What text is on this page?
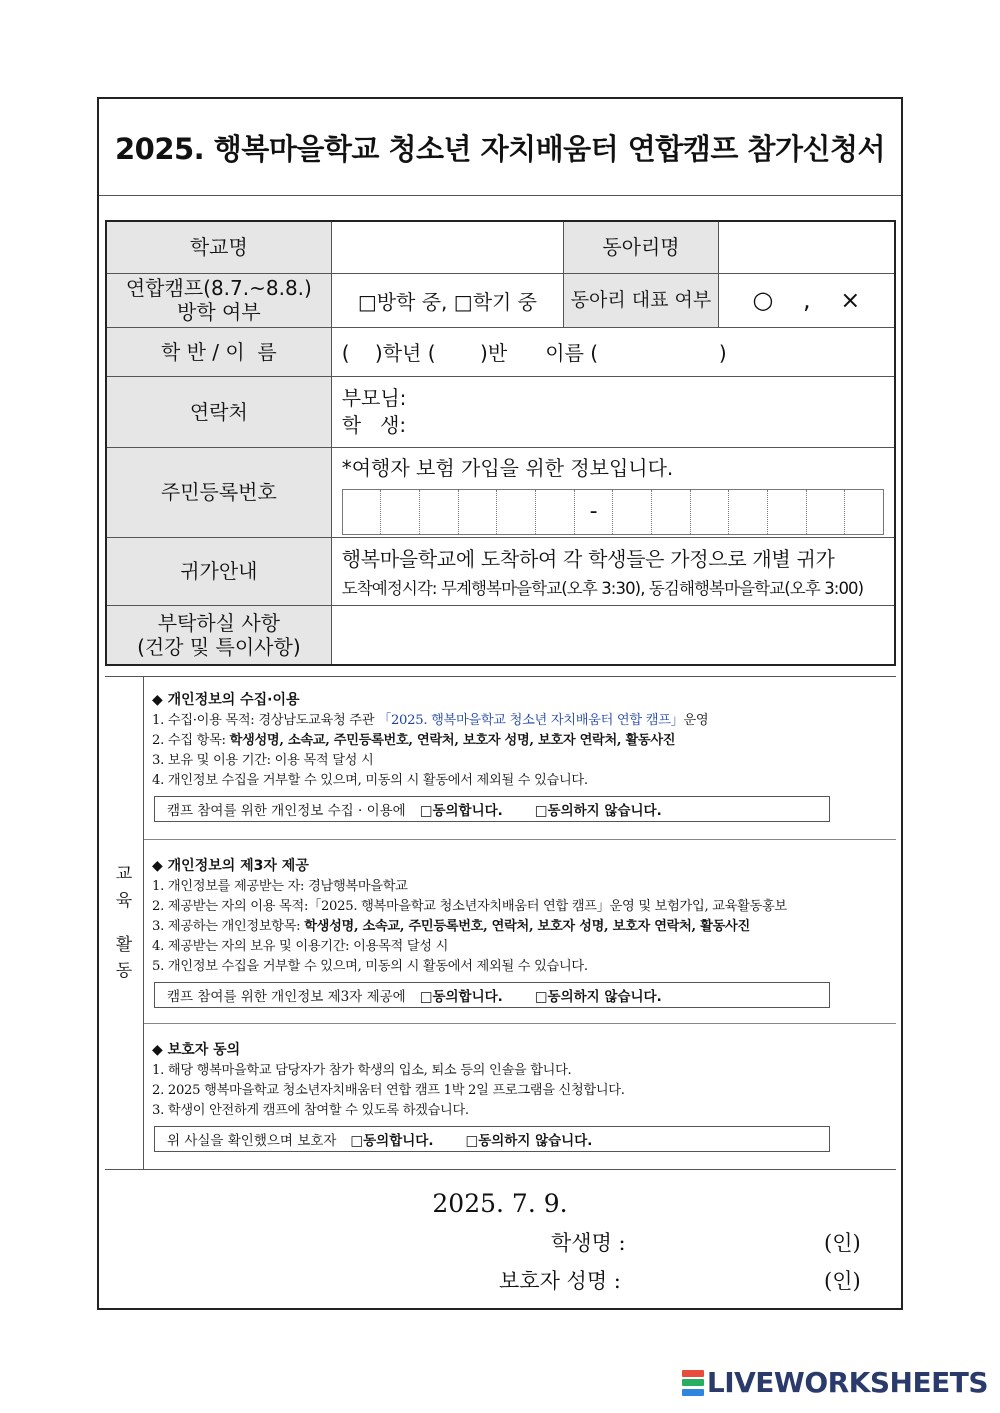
2025. 행복마을학교 청소년 자치배움터 연합캠프 참가신청서
학교명		동아리명	

연합캠프(8.7.~8.8.)
방학 여부	□방학 중, □학기 중	동아리 대표 여부	○ , ×
학 반 / 이  름	(    )학년 (       )반      이름 (                   )		
연락처	부모님:
학   생:		

주민등록번호	*여행자 보험 가입을 위한 정보입니다.
-		

귀가안내	행복마을학교에 도착하여 각 학생들은 가정으로 개별 귀가
도착예정시각: 무계행복마을학교(오후 3:30), 동김해행복마을학교(오후 3:00)		

부탁하실 사항
(건강 및 특이사항)			

교
육
활
동
◆ 개인정보의 수집·이용
1. 수집·이용 목적: 경상남도교육청 주관 「2025. 행복마을학교 청소년 자치배움터 연합 캠프」운영
2. 수집 항목: 학생성명, 소속교, 주민등록번호, 연락처, 보호자 성명, 보호자 연락처, 활동사진
3. 보유 및 이용 기간: 이용 목적 달성 시
4. 개인정보 수집을 거부할 수 있으며, 미동의 시 활동에서 제외될 수 있습니다.
캠프 참여를 위한 개인정보 수집 · 이용에 □동의합니다. □동의하지 않습니다.
◆ 개인정보의 제3자 제공
1. 개인정보를 제공받는 자: 경남행복마을학교
2. 제공받는 자의 이용 목적:「2025. 행복마을학교 청소년자치배움터 연합 캠프」운영 및 보험가입, 교육활동홍보
3. 제공하는 개인정보항목: 학생성명, 소속교, 주민등록번호, 연락처, 보호자 성명, 보호자 연락처, 활동사진
4. 제공받는 자의 보유 및 이용기간: 이용목적 달성 시
5. 개인정보 수집을 거부할 수 있으며, 미동의 시 활동에서 제외될 수 있습니다.
캠프 참여를 위한 개인정보 제3자 제공에 □동의합니다. □동의하지 않습니다.
◆ 보호자 동의
1. 해당 행복마을학교 담당자가 참가 학생의 입소, 퇴소 등의 인솔을 합니다.
2. 2025 행복마을학교 청소년자치배움터 연합 캠프 1박 2일 프로그램을 신청합니다.
3. 학생이 안전하게 캠프에 참여할 수 있도록 하겠습니다.
위 사실을 확인했으며 보호자 □동의합니다. □동의하지 않습니다.
2025. 7. 9.
학생명 :	(인)
보호자 성명 :	(인)
LIVEWORKSHEETS
